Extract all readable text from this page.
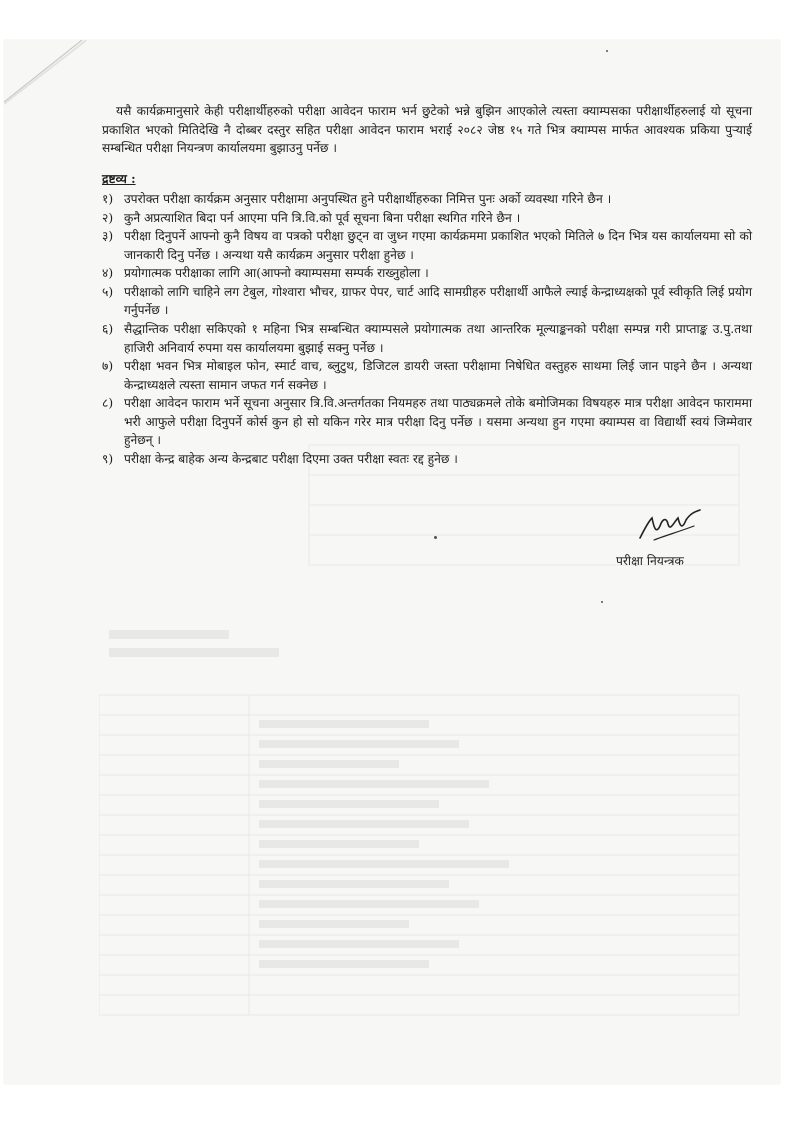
यसै कार्यक्रमानुसारे केही परीक्षार्थीहरुको परीक्षा आवेदन फाराम भर्न छुटेको भन्ने बुझिन आएकोले त्यस्ता क्याम्पसका परीक्षार्थीहरुलाई यो सूचना प्रकाशित भएको मितिदेखि नै दोब्बर दस्तुर सहित परीक्षा आवेदन फाराम भराई २०८२ जेष्ठ १५ गते भित्र क्याम्पस मार्फत आवश्यक प्रकिया पुऱ्याई सम्बन्धित परीक्षा नियन्त्रण कार्यालयमा बुझाउनु पर्नेछ ।

द्रष्टव्य :
१) उपरोक्त परीक्षा कार्यक्रम अनुसार परीक्षामा अनुपस्थित हुने परीक्षार्थीहरुका निमित्त पुनः अर्को व्यवस्था गरिने छैन ।
२) कुनै अप्रत्याशित बिदा पर्न आएमा पनि त्रि.वि.को पूर्व सूचना बिना परीक्षा स्थगित गरिने छैन ।
३) परीक्षा दिनुपर्ने आफ्नो कुनै विषय वा पत्रको परीक्षा छुट्न वा जुध्न गएमा कार्यक्रममा प्रकाशित भएको मितिले ७ दिन भित्र यस कार्यालयमा सो को जानकारी दिनु पर्नेछ । अन्यथा यसै कार्यक्रम अनुसार परीक्षा हुनेछ ।
४) प्रयोगात्मक परीक्षाका लागि आ(आफ्नो क्याम्पसमा सम्पर्क राख्नुहोला ।
५) परीक्षाको लागि चाहिने लग टेबुल, गोश्वारा भौचर, ग्राफर पेपर, चार्ट आदि सामग्रीहरु परीक्षार्थी आफैले ल्याई केन्द्राध्यक्षको पूर्व स्वीकृति लिई प्रयोग गर्नुपर्नेछ ।
६) सैद्धान्तिक परीक्षा सकिएको १ महिना भित्र सम्बन्धित क्याम्पसले प्रयोगात्मक तथा आन्तरिक मूल्याङ्कनको परीक्षा सम्पन्न गरी प्राप्ताङ्क उ.पु.तथा हाजिरी अनिवार्य रुपमा यस कार्यालयमा बुझाई सक्नु पर्नेछ ।
७) परीक्षा भवन भित्र मोबाइल फोन, स्मार्ट वाच, ब्लुटुथ, डिजिटल डायरी जस्ता परीक्षामा निषेधित वस्तुहरु साथमा लिई जान पाइने छैन । अन्यथा केन्द्राध्यक्षले त्यस्ता सामान जफत गर्न सक्नेछ ।
८) परीक्षा आवेदन फाराम भर्ने सूचना अनुसार त्रि.वि.अन्तर्गतका नियमहरु तथा पाठ्यक्रमले तोके बमोजिमका विषयहरु मात्र परीक्षा आवेदन फाराममा भरी आफुले परीक्षा दिनुपर्ने कोर्स कुन हो सो यकिन गरेर मात्र परीक्षा दिनु पर्नेछ । यसमा अन्यथा हुन गएमा क्याम्पस वा विद्यार्थी स्वयं जिम्मेवार हुनेछन् ।
९) परीक्षा केन्द्र बाहेक अन्य केन्द्रबाट परीक्षा दिएमा उक्त परीक्षा स्वतः रद्द हुनेछ ।
परीक्षा नियन्त्रक
